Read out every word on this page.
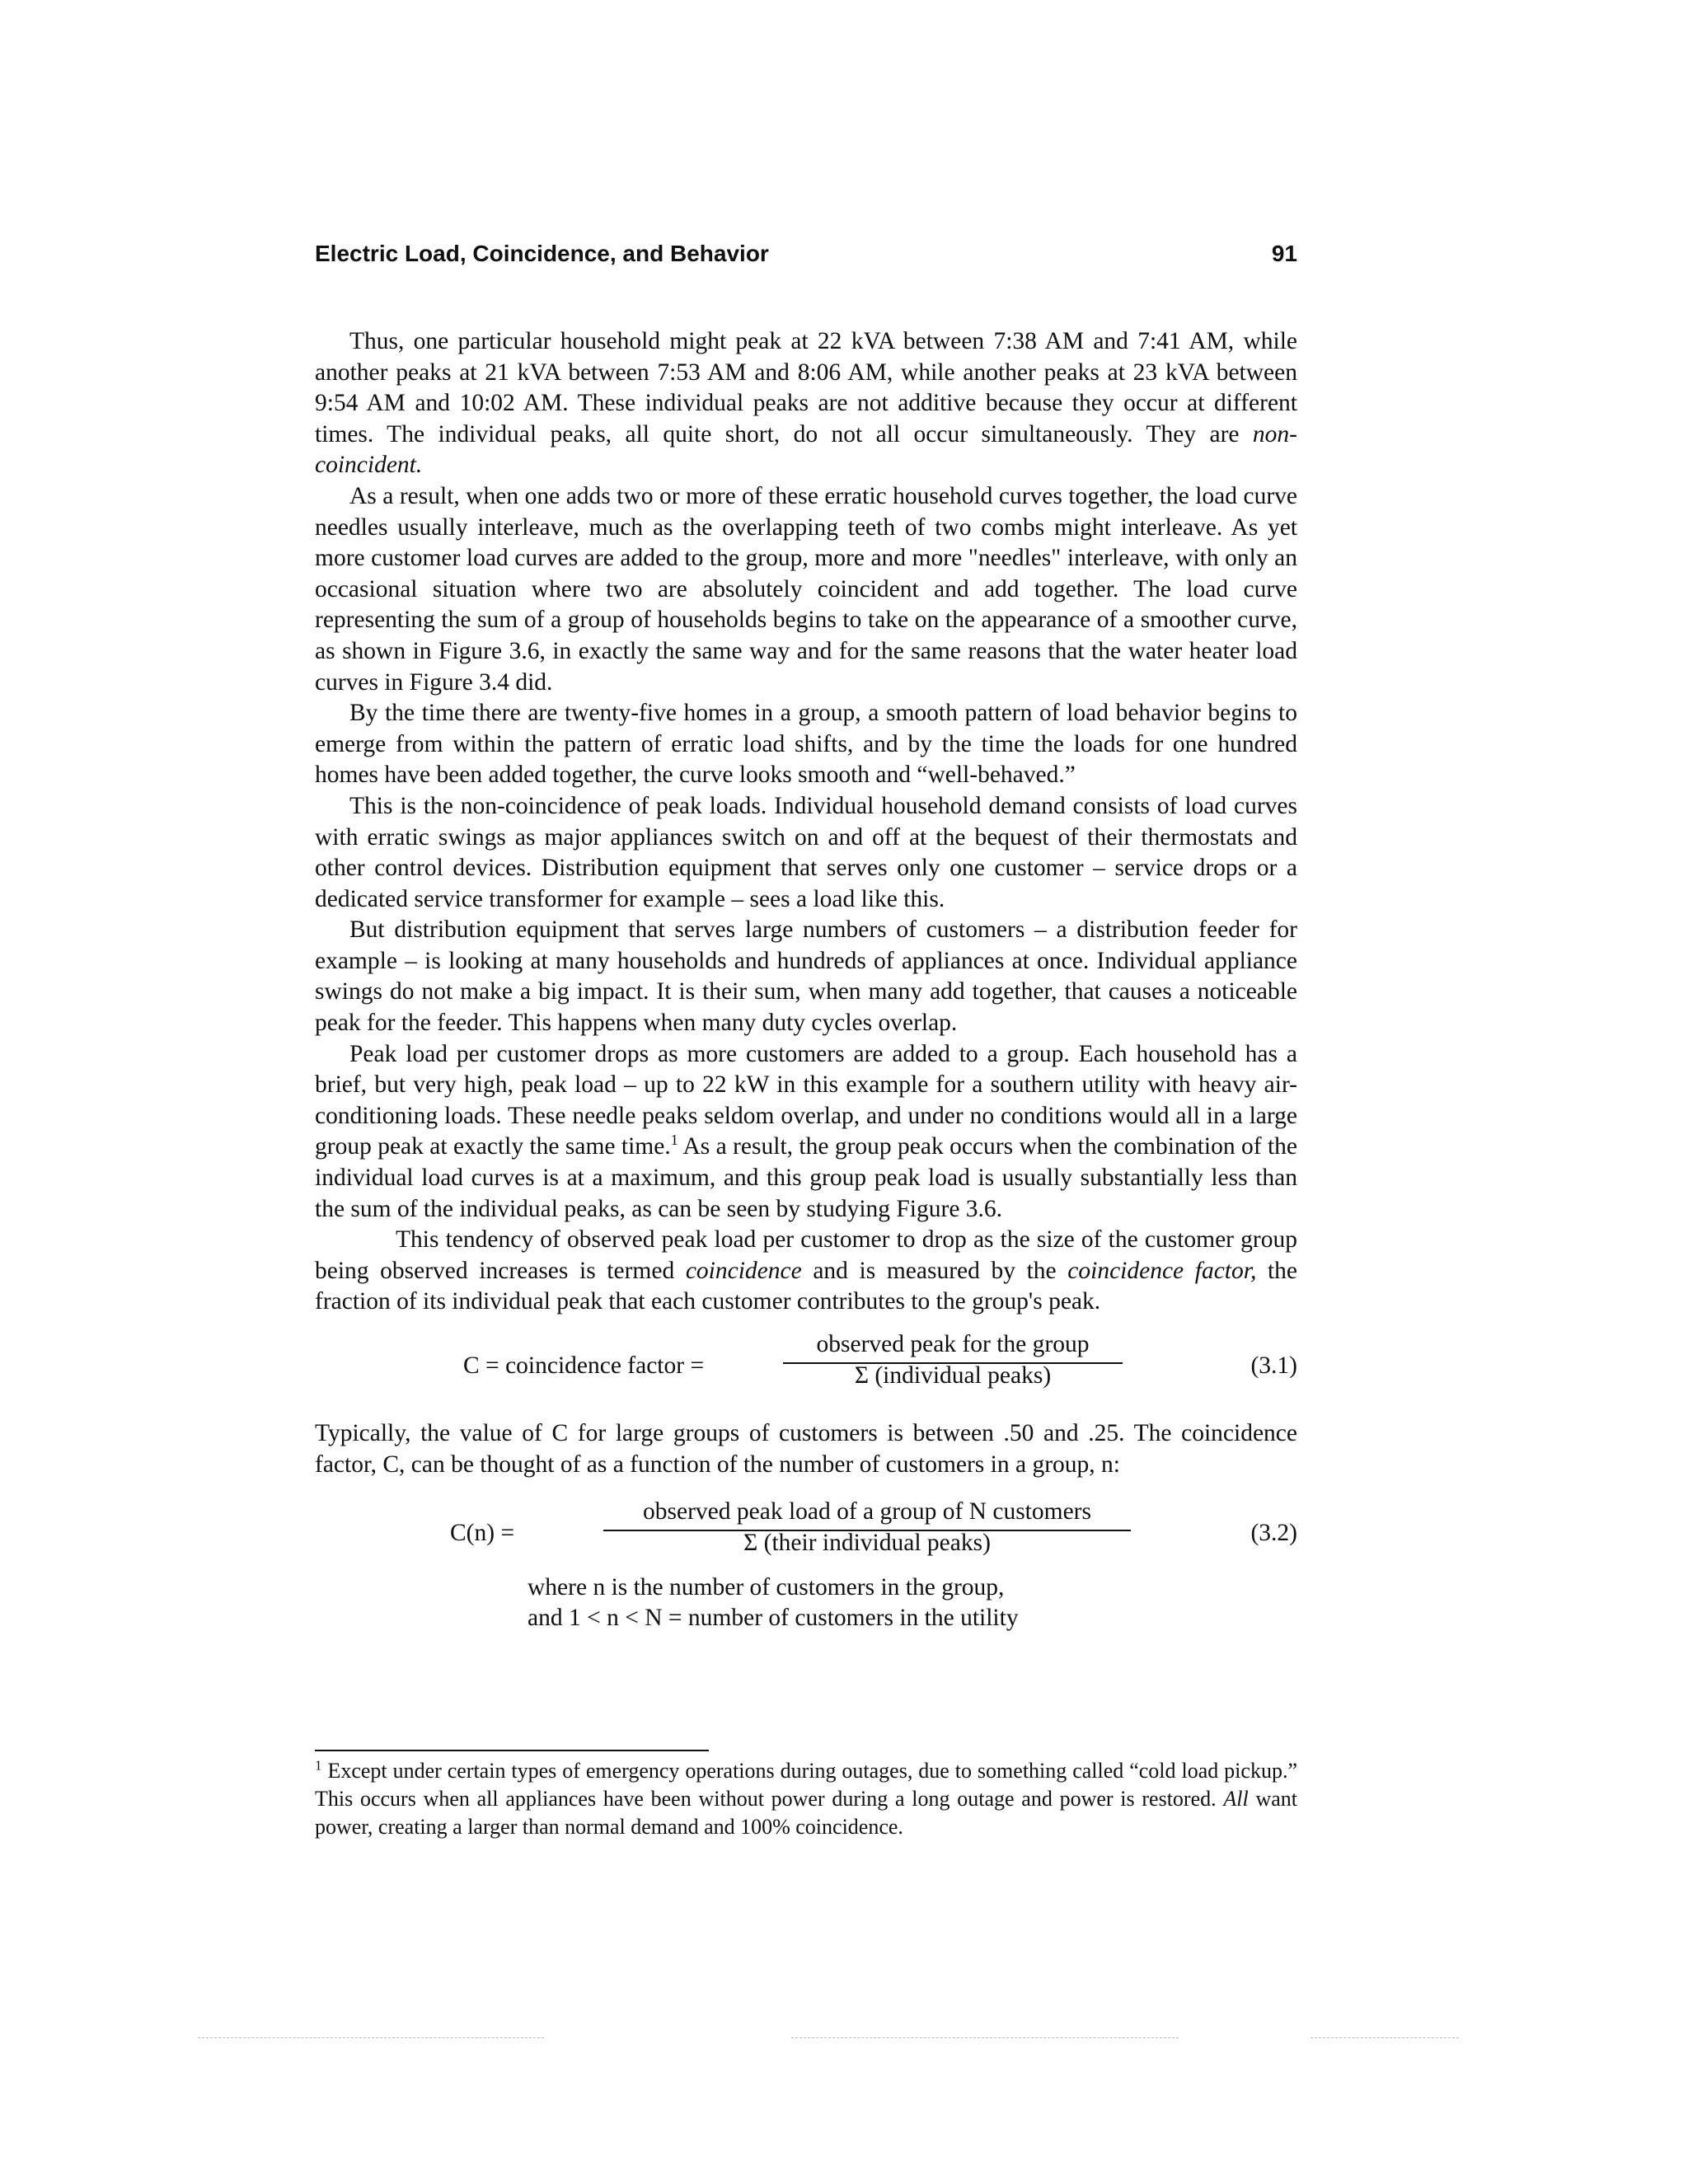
Electric Load, Coincidence, and Behavior	91

Thus, one particular household might peak at 22 kVA between 7:38 AM and 7:41 AM, while another peaks at 21 kVA between 7:53 AM and 8:06 AM, while another peaks at 23 kVA between 9:54 AM and 10:02 AM. These individual peaks are not additive because they occur at different times. The individual peaks, all quite short, do not all occur simultaneously. They are non-coincident.

As a result, when one adds two or more of these erratic household curves together, the load curve needles usually interleave, much as the overlapping teeth of two combs might interleave. As yet more customer load curves are added to the group, more and more "needles" interleave, with only an occasional situation where two are absolutely coincident and add together. The load curve representing the sum of a group of households begins to take on the appearance of a smoother curve, as shown in Figure 3.6, in exactly the same way and for the same reasons that the water heater load curves in Figure 3.4 did.

By the time there are twenty-five homes in a group, a smooth pattern of load behavior begins to emerge from within the pattern of erratic load shifts, and by the time the loads for one hundred homes have been added together, the curve looks smooth and “well-behaved.”

This is the non-coincidence of peak loads. Individual household demand consists of load curves with erratic swings as major appliances switch on and off at the bequest of their thermostats and other control devices. Distribution equipment that serves only one customer – service drops or a dedicated service transformer for example – sees a load like this.

But distribution equipment that serves large numbers of customers – a distribution feeder for example – is looking at many households and hundreds of appliances at once. Individual appliance swings do not make a big impact. It is their sum, when many add together, that causes a noticeable peak for the feeder. This happens when many duty cycles overlap.

Peak load per customer drops as more customers are added to a group. Each household has a brief, but very high, peak load – up to 22 kW in this example for a southern utility with heavy air-conditioning loads. These needle peaks seldom overlap, and under no conditions would all in a large group peak at exactly the same time.$^1$ As a result, the group peak occurs when the combination of the individual load curves is at a maximum, and this group peak load is usually substantially less than the sum of the individual peaks, as can be seen by studying Figure 3.6.

This tendency of observed peak load per customer to drop as the size of the customer group being observed increases is termed coincidence and is measured by the coincidence factor, the fraction of its individual peak that each customer contributes to the group's peak.

C = coincidence factor =
observed peak for the group
Σ (individual peaks)	(3.1)

Typically, the value of C for large groups of customers is between .50 and .25. The coincidence factor, C, can be thought of as a function of the number of customers in a group, n:

C(n) =
observed peak load of a group of N customers
Σ (their individual peaks)	(3.2)
where n is the number of customers in the group,
and 1 < n < N = number of customers in the utility
$^1$ Except under certain types of emergency operations during outages, due to something called “cold load pickup.” This occurs when all appliances have been without power during a long outage and power is restored. All want power, creating a larger than normal demand and 100% coincidence.
